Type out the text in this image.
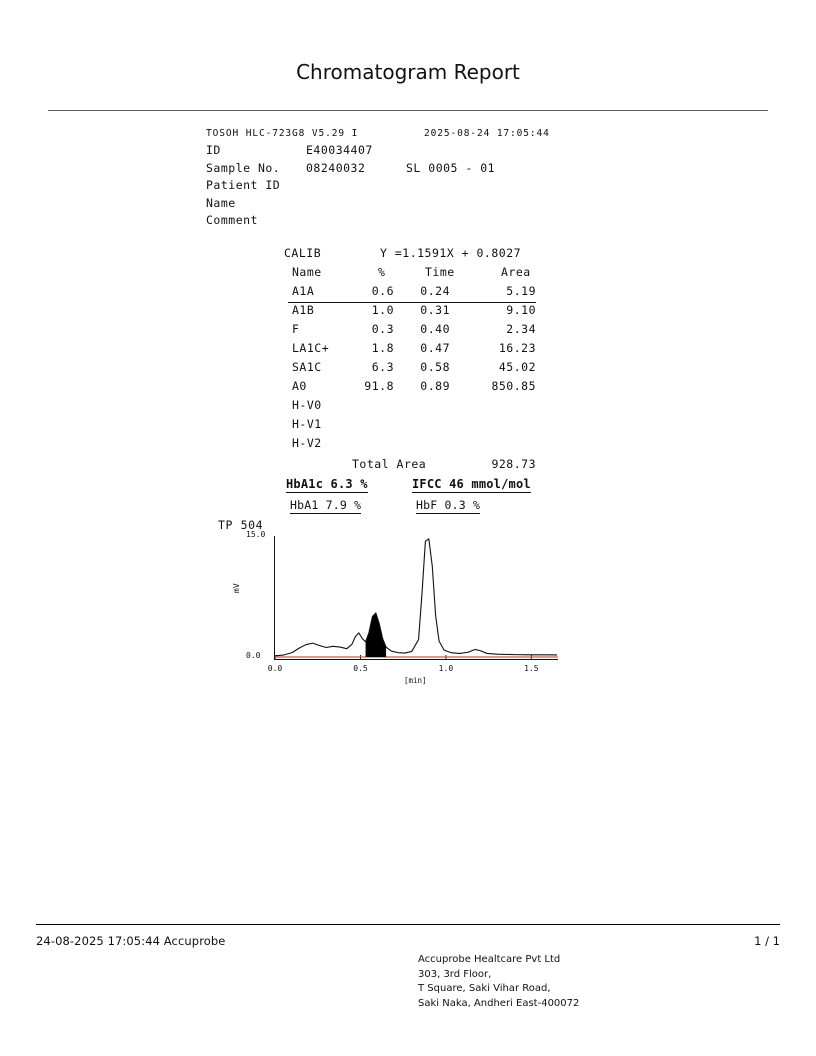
Chromatogram Report
TOSOH HLC-723G8 V5.29 I	2025-08-24 17:05:44
ID	E40034407
Sample No. 08240032	SL 0005 - 01
Patient ID
Name
Comment
CALIB	Y =1.1591X + 0.8027
Name	%	Time	Area
A1A	0.6	0.24	5.19
A1B	1.0	0.31	9.10
F	0.3	0.40	2.34
LA1C+	1.8	0.47	16.23
SA1C	6.3	0.58	45.02
A0	91.8	0.89	850.85
H-V0
H-V1
H-V2
Total Area	928.73
HbA1c 6.3 %	IFCC 46 mmol/mol
HbA1 7.9 %	HbF 0.3 %
TP 504
15.0
0.0
mV
0.0	0.5	1.0	1.5
[min]
24-08-2025 17:05:44 Accuprobe	1 / 1
Accuprobe Healtcare Pvt Ltd
303, 3rd Floor,
T Square, Saki Vihar Road,
Saki Naka, Andheri East-400072
